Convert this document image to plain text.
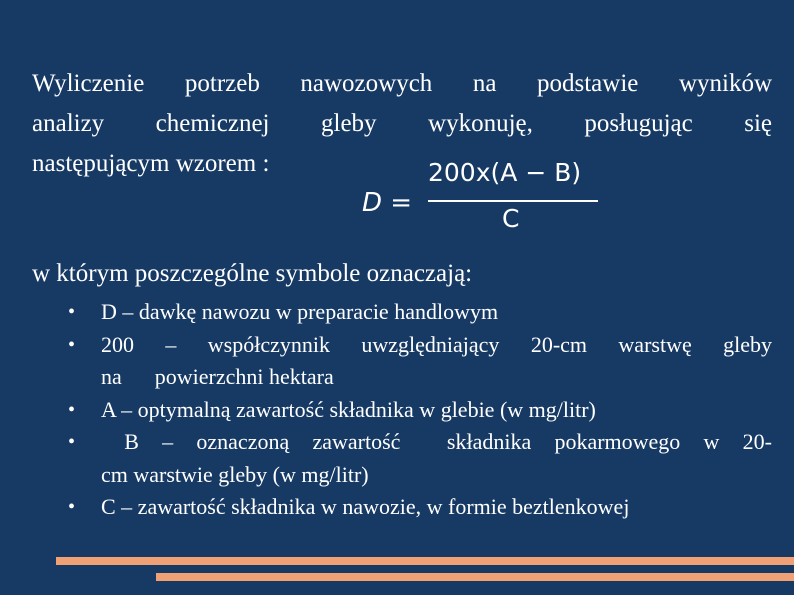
Wyliczenie potrzeb nawozowych na podstawie wyników
analizy chemicznej gleby wykonuję, posługując się
następującym wzorem :

D =
200x(A − B)
C

w którym poszczególne symbole oznaczają:

• D – dawkę nawozu w preparacie handlowym
• 200 – współczynnik uwzględniający 20-cm warstwę gleby
na      powierzchni hektara
• A – optymalną zawartość składnika w glebie (w mg/litr)
• B – oznaczoną zawartość  składnika pokarmowego w 20-
cm warstwie gleby (w mg/litr)
• C – zawartość składnika w nawozie, w formie beztlenkowej
